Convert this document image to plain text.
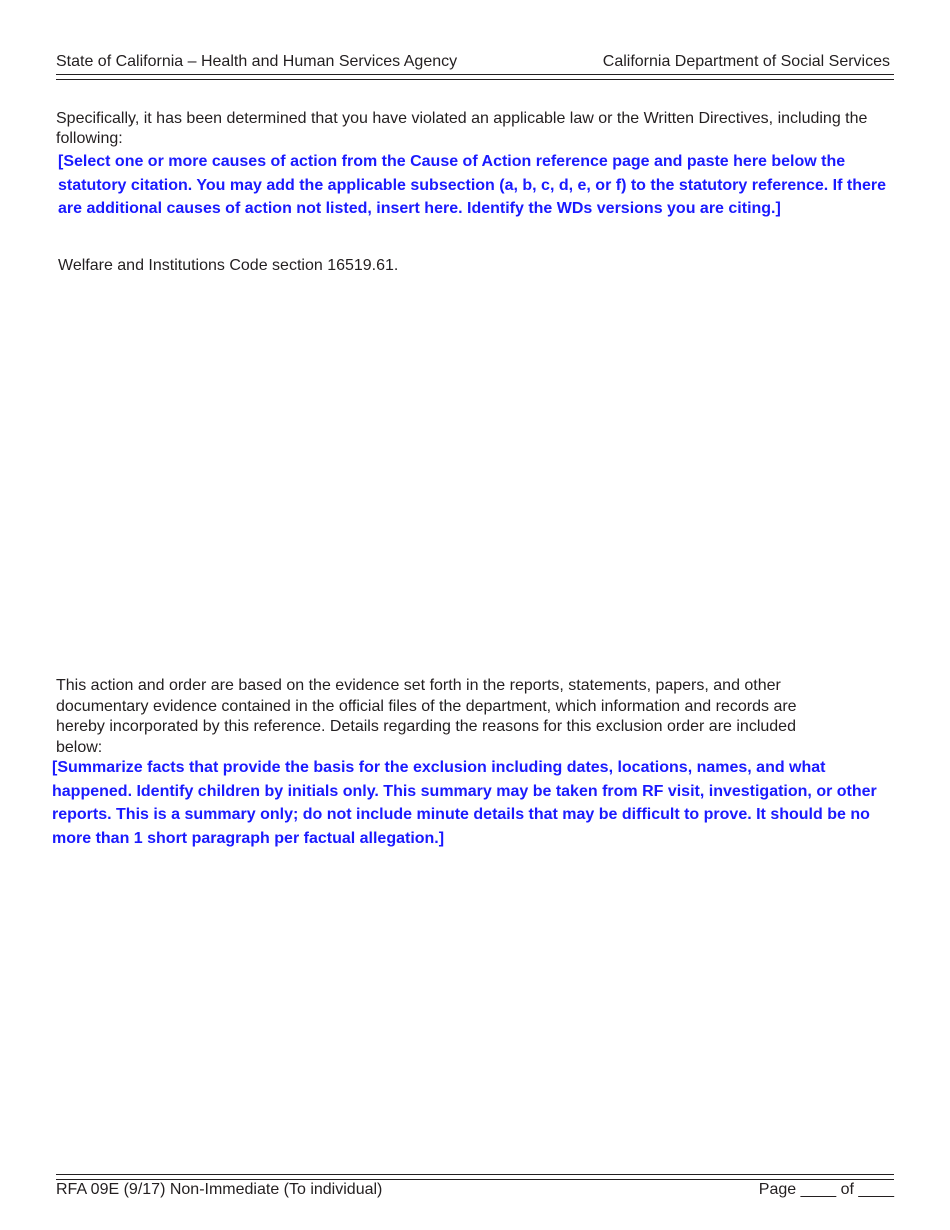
State of California – Health and Human Services Agency	California Department of Social Services

Specifically, it has been determined that you have violated an applicable law or the Written Directives, including the following:

[Select one or more causes of action from the Cause of Action reference page and paste here below the statutory citation. You may add the applicable subsection (a, b, c, d, e, or f) to the statutory reference. If there are additional causes of action not listed, insert here. Identify the WDs versions you are citing.]

Welfare and Institutions Code section 16519.61.

This action and order are based on the evidence set forth in the reports, statements, papers, and other documentary evidence contained in the official files of the department, which information and records are hereby incorporated by this reference. Details regarding the reasons for this exclusion order are included below:

[Summarize facts that provide the basis for the exclusion including dates, locations, names, and what happened. Identify children by initials only. This summary may be taken from RF visit, investigation, or other reports. This is a summary only; do not include minute details that may be difficult to prove. It should be no more than 1 short paragraph per factual allegation.]

RFA 09E (9/17) Non-Immediate (To individual)	Page ____ of ____
